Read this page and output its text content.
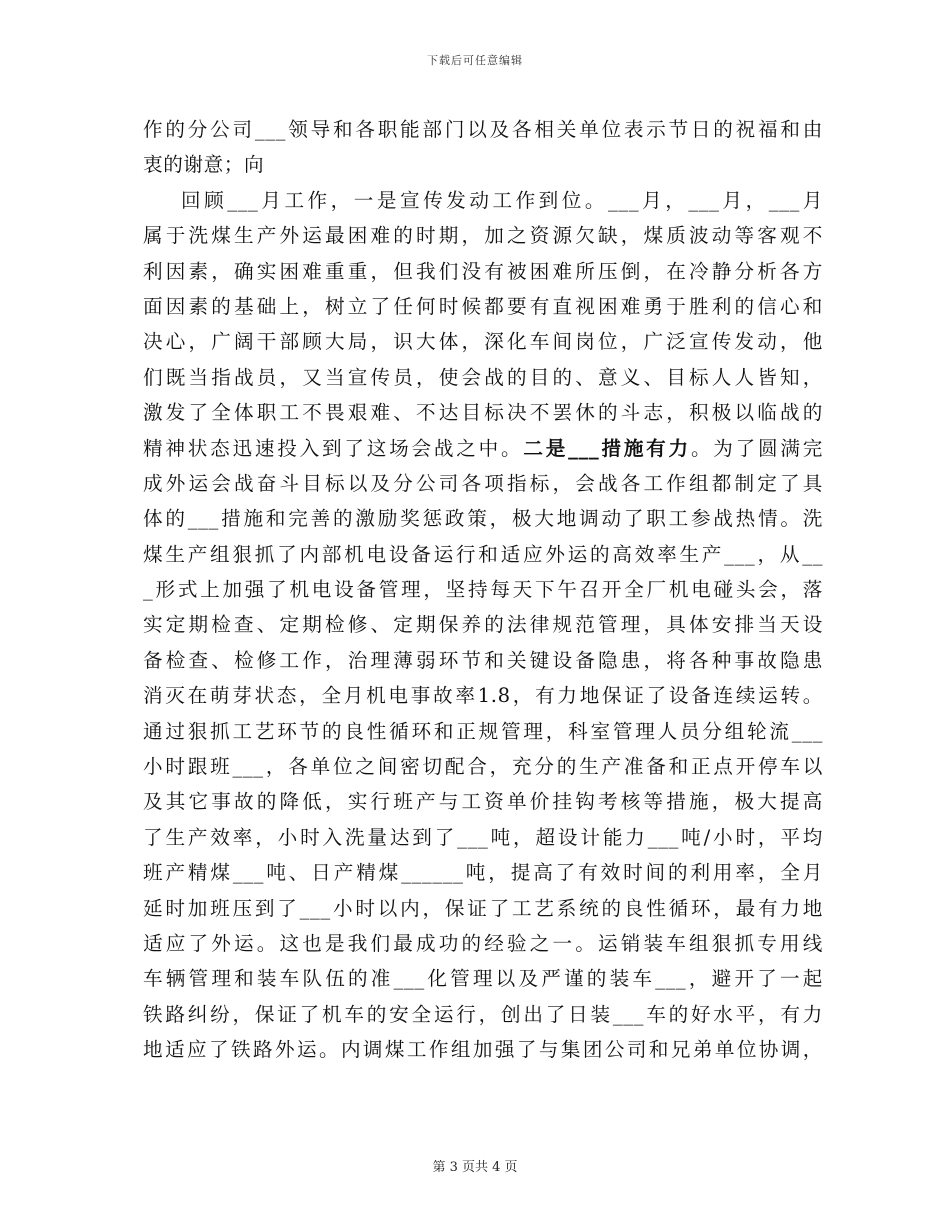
下载后可任意编辑
作的分公司___领导和各职能部门以及各相关单位表示节日的祝福和由
衷的谢意；向
回顾___月工作，一是宣传发动工作到位。___月，___月，___月
属于洗煤生产外运最困难的时期，加之资源欠缺，煤质波动等客观不
利因素，确实困难重重，但我们没有被困难所压倒，在冷静分析各方
面因素的基础上，树立了任何时候都要有直视困难勇于胜利的信心和
决心，广阔干部顾大局，识大体，深化车间岗位，广泛宣传发动，他
们既当指战员，又当宣传员，使会战的目的、意义、目标人人皆知，
激发了全体职工不畏艰难、不达目标决不罢休的斗志，积极以临战的
精神状态迅速投入到了这场会战之中。二是___措施有力。为了圆满完
成外运会战奋斗目标以及分公司各项指标，会战各工作组都制定了具
体的___措施和完善的激励奖惩政策，极大地调动了职工参战热情。洗
煤生产组狠抓了内部机电设备运行和适应外运的高效率生产___，从__
_形式上加强了机电设备管理，坚持每天下午召开全厂机电碰头会，落
实定期检查、定期检修、定期保养的法律规范管理，具体安排当天设
备检查、检修工作，治理薄弱环节和关键设备隐患，将各种事故隐患
消灭在萌芽状态，全月机电事故率1.8，有力地保证了设备连续运转。
通过狠抓工艺环节的良性循环和正规管理，科室管理人员分组轮流___
小时跟班___，各单位之间密切配合，充分的生产准备和正点开停车以
及其它事故的降低，实行班产与工资单价挂钩考核等措施，极大提高
了生产效率，小时入洗量达到了___吨，超设计能力___吨/小时，平均
班产精煤___吨、日产精煤______吨，提高了有效时间的利用率，全月
延时加班压到了___小时以内，保证了工艺系统的良性循环，最有力地
适应了外运。这也是我们最成功的经验之一。运销装车组狠抓专用线
车辆管理和装车队伍的准___化管理以及严谨的装车___，避开了一起
铁路纠纷，保证了机车的安全运行，创出了日装___车的好水平，有力
地适应了铁路外运。内调煤工作组加强了与集团公司和兄弟单位协调，
第 3 页共 4 页
